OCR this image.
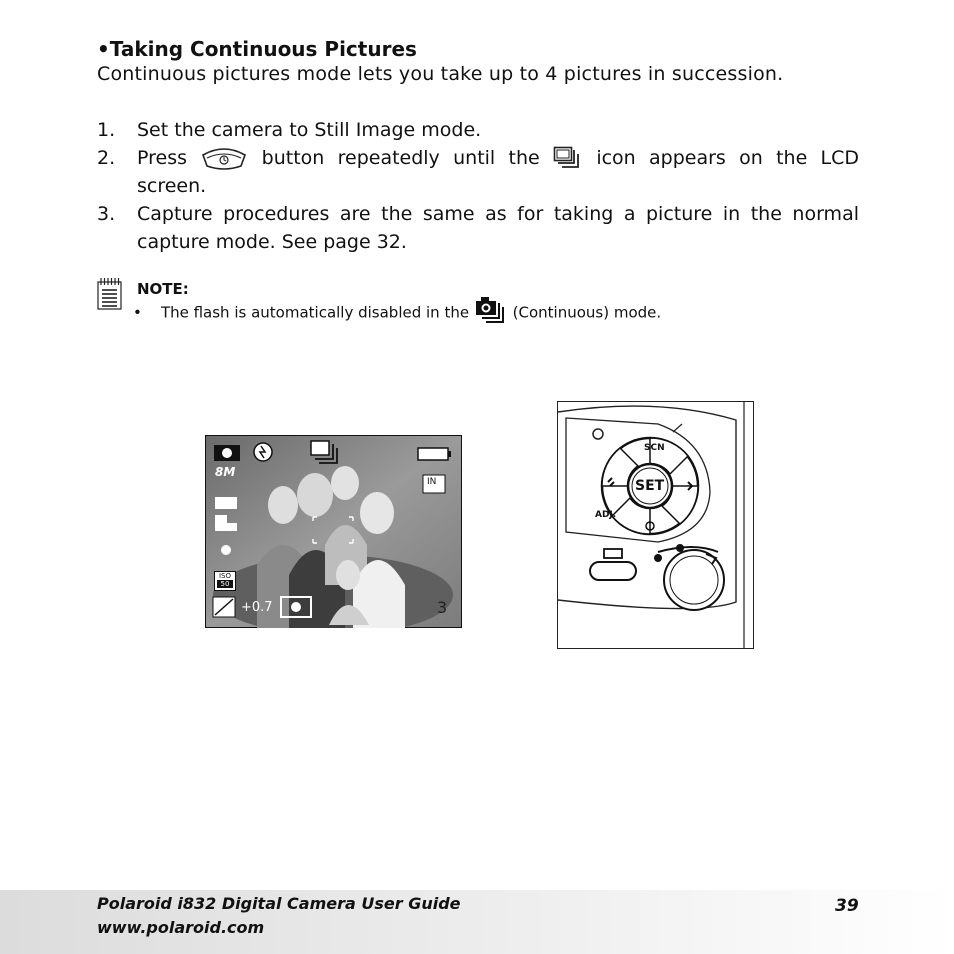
•Taking Continuous Pictures
Continuous pictures mode lets you take up to 4 pictures in succession.
1. Set the camera to Still Image mode.
2. Press	button repeatedly until the	icon appears on the LCD
screen.
3. Capture procedures are the same as for taking a picture in the normal
capture mode. See page 32.
NOTE:
• The flash is automatically disabled in the	(Continuous) mode.
8M
IN
ISO
50
+0.7	3
SCN
SET
ADJ.
Polaroid i832 Digital Camera User Guide
www.polaroid.com
39
